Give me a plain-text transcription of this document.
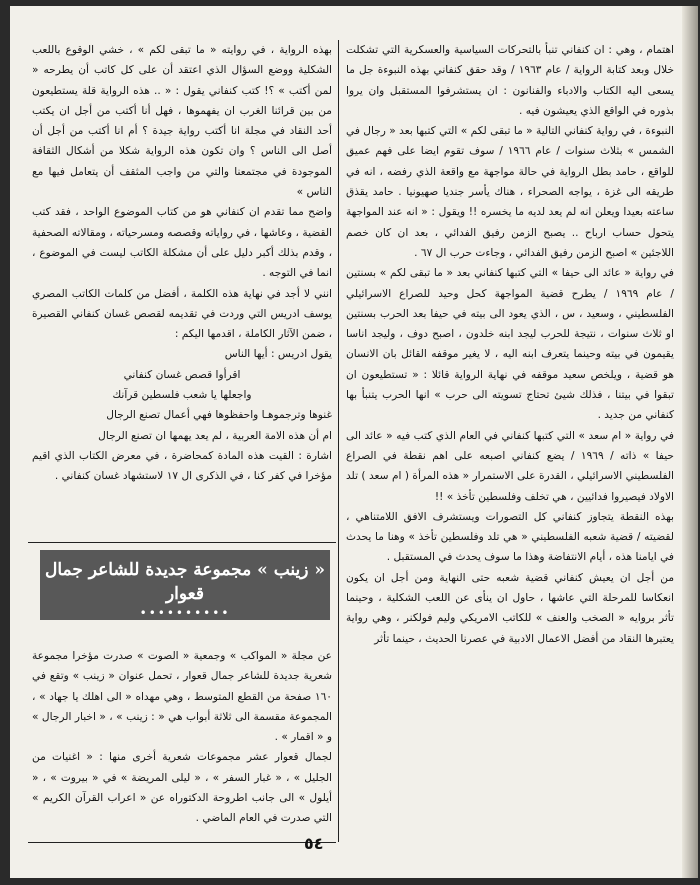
اهتمام ، وهي : ان كنفاني تنبأ بالتحركات السياسية والعسكرية التي تشكلت خلال وبعد كتابة الرواية / عام ١٩٦٣ / وقد حقق كنفاني بهذه النبوءة جل ما يسعى اليه الكتاب والادباء والفنانون : ان يستشرفوا المستقبل وان يروا بذوره في الواقع الذي يعيشون فيه .

النبوءة ، في رواية كنفاني التالية « ما تبقى لكم » التي كتبها بعد « رجال في الشمس » بثلاث سنوات / عام ١٩٦٦ / سوف تقوم ايضا على فهم عميق للواقع ، حامد بطل الرواية في حالة مواجهة مع واقعة الذي رفضه ، انه في طريقه الى غزة ، يواجه الصحراء ، هناك يأسر جنديا صهيونيا . حامد يقذق ساعته بعيدا ويعلن انه لم يعد لديه ما يخسره !! ويقول : « انه عند المواجهة يتحول حساب ارباح .. يصبح الزمن رفيق الفدائي ، بعد ان كان خصم اللاجئين » اصبح الزمن رفيق الفدائي ، وجاءت حرب ال ٦٧ .

في رواية « عائد الى حيفا » التي كتبها كنفاني بعد « ما تبقى لكم » بسنتين / عام ١٩٦٩ / يطرح قضية المواجهة كحل وحيد للصراع الاسرائيلي الفلسطيني ، وسعيد ، س ، الذي يعود الى بيته في حيفا بعد الحرب بسنتين او ثلاث سنوات ، نتيجة للحرب ليجد ابنه خلدون ، اصبح دوف ، وليجد اناسا يقيمون في بيته وحينما يتعرف ابنه اليه ، لا يغير موقفه القائل بان الانسان هو قضية ، ويلخص سعيد موقفه في نهاية الرواية قائلا : « تستطيعون ان تبقوا في بيتنا ، فذلك شيئ تحتاج تسويته الى حرب » انها الحرب يتنبأ بها كنفاني من جديد .

في رواية « ام سعد » التي كتبها كنفاني في العام الذي كتب فيه « عائد الى حيفا » ذاته / ١٩٦٩ / يضع كنفاني اصبعه على اهم نقطة في الصراع الفلسطيني الاسرائيلي ، القدرة على الاستمرار « هذه المرأة ( ام سعد ) تلد الاولاد فيصيروا فدائيين ، هي تخلف وفلسطين تأخذ » !!

بهذه النقطة يتجاوز كنفاني كل التصورات ويستشرف الافق اللامتناهي ، لقضيته / قضية شعبه الفلسطيني « هي تلد وفلسطين تأخذ » وهنا ما يحدث في ايامنا هذه ، أيام الانتفاضة وهذا ما سوف يحدث في المستقبل .

من أجل ان يعيش كنفاني قضية شعبه حتى النهاية ومن أجل ان يكون انعكاسا للمرحلة التي عاشها ، حاول ان ينأى عن اللعب الشكلية ، وحينما تأثر بروايه « الصخب والعنف » للكاتب الامريكي وليم فولكنر ، وهي رواية يعتبرها النقاد من أفضل الاعمال الادبية في عصرنا الحديث ، حينما تأثر

بهذه الرواية ، في روايته « ما تبقى لكم » ، خشي الوقوع باللعب الشكلية ووضع السؤال الذي اعتقد أن على كل كاتب أن يطرحه « لمن أكتب » ؟! كتب كنفاني يقول : « .. هذه الرواية قلة يستطيعون من بين قرائنا الغرب ان يفهموها ، فهل أنا أكتب من أجل ان يكتب أحد النقاد في مجلة انا أكتب رواية جيدة ؟ أم انا أكتب من أجل أن أصل الى الناس ؟ وان تكون هذه الرواية شكلا من أشكال الثقافة الموجودة في مجتمعنا والتي من واجب المثقف أن يتعامل فيها مع الناس »

واضح مما تقدم ان كنفاني هو من كتاب الموضوع الواحد ، فقد كتب القضية ، وعاشها ، في رواياته وقصصه ومسرحياته ، ومقالاته الصحفية ، وقدم بذلك أكبر دليل على أن مشكلة الكاتب ليست في الموضوع ، انما في التوجه .

انني لا أجد في نهاية هذه الكلمة ، أفضل من كلمات الكاتب المصري يوسف ادريس التي وردت في تقديمه لقصص غسان كنفاني القصيرة ، ضمن الآثار الكاملة ، اقدمها اليكم :

يقول ادريس : أيها الناس

اقرأوا قصص غسان كنفاني

واجعلها يا شعب فلسطين قرآنك

غنوها وترجموهـا واحفظوها فهي أعمال تصنع الرجال

ام أن هذه الامة العربية ، لم يعد يهمها ان تصنع الرجال

اشارة : القيت هذه المادة كمحاضرة ، في معرض الكتاب الذي اقيم مؤخرا في كفر كنا ، في الذكرى ال ١٧ لاستشهاد غسان كنفاني .

« زينب » مجموعة جديدة للشاعر جمال قعوار
••••••••••

عن مجلة « المواكب » وجمعية « الصوت » صدرت مؤخرا مجموعة شعرية جديدة للشاعر جمال قعوار ، تحمل عنوان « زينب » وتقع في ١٦٠ صفحة من القطع المتوسط ، وهي مهداه « الى اهلك يا جهاد » ، المجموعة مقسمة الى ثلاثة أبواب هي « : زينب » ، « اخبار الرجال » و « اقمار » .

لجمال قعوار عشر مجموعات شعرية أخرى منها : « اغنيات من الجليل » ، « غبار السفر » ، « ليلى المريضة » في « بيروت » ، « أيلول » الى جانب اطروحة الدكتوراه عن « اعراب القرآن الكريم » التي صدرت في العام الماضي .

٥٤
